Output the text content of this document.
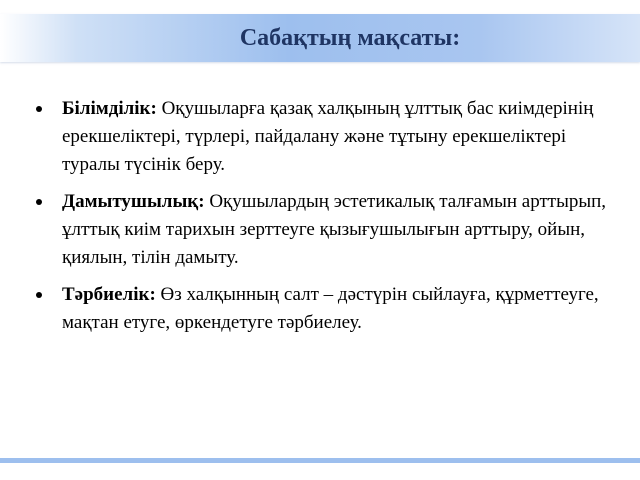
Сабақтың мақсаты:
Білімділік: Оқушыларға қазақ халқының ұлттық бас киімдерінің ерекшеліктері, түрлері, пайдалану және тұтыну ерекшеліктері туралы түсінік беру.
Дамытушылық: Оқушылардың эстетикалық талғамын арттырып, ұлттық киім тарихын зерттеуге қызығушылығын арттыру, ойын, қиялын, тілін дамыту.
Тәрбиелік: Өз халқынның салт – дәстүрін сыйлауға, құрметтеуге, мақтан етуге, өркендетуге тәрбиелеу.
